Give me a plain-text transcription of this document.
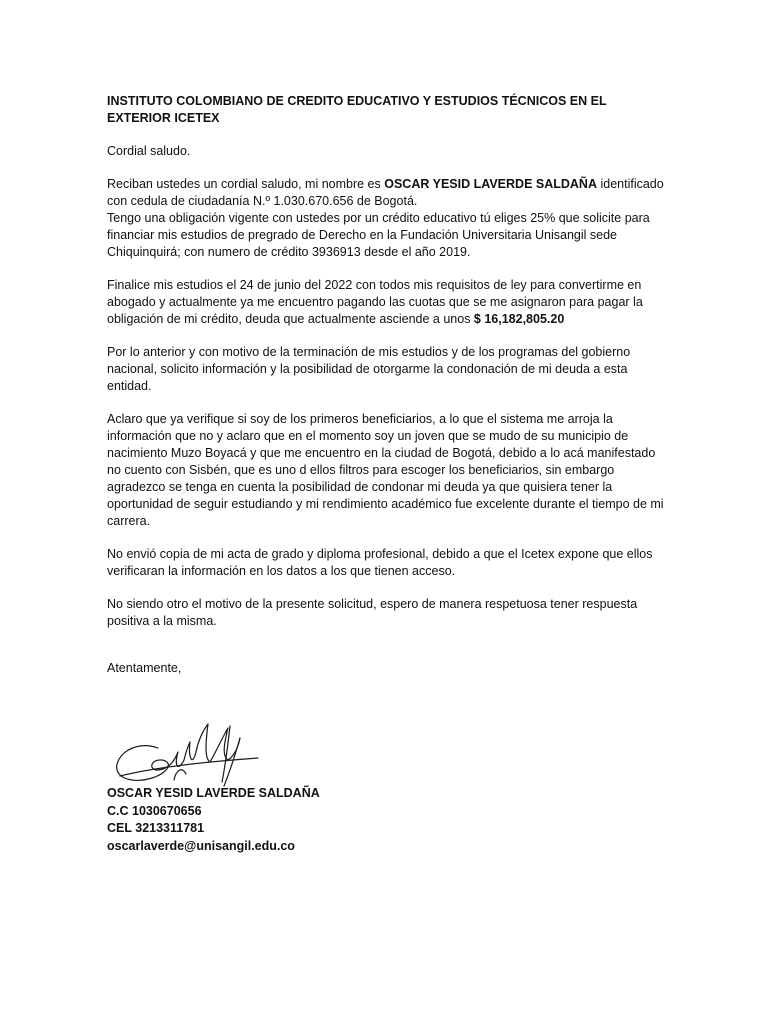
INSTITUTO COLOMBIANO DE CREDITO EDUCATIVO Y ESTUDIOS TÉCNICOS EN EL EXTERIOR ICETEX

Cordial saludo.

Reciban ustedes un cordial saludo, mi nombre es OSCAR YESID LAVERDE SALDAÑA identificado con cedula de ciudadanía N.º 1.030.670.656 de Bogotá.
Tengo una obligación vigente con ustedes por un crédito educativo tú eliges 25% que solicite para financiar mis estudios de pregrado de Derecho en la Fundación Universitaria Unisangil sede Chiquinquirá; con numero de crédito 3936913 desde el año 2019.

Finalice mis estudios el 24 de junio del 2022 con todos mis requisitos de ley para convertirme en abogado y actualmente ya me encuentro pagando las cuotas que se me asignaron para pagar la obligación de mi crédito, deuda que actualmente asciende a unos $ 16,182,805.20

Por lo anterior y con motivo de la terminación de mis estudios y de los programas del gobierno nacional, solicito información y la posibilidad de otorgarme la condonación de mi deuda a esta entidad.

Aclaro que ya verifique si soy de los primeros beneficiarios, a lo que el sistema me arroja la información que no y aclaro que en el momento soy un joven que se mudo de su municipio de nacimiento Muzo Boyacá y que me encuentro en la ciudad de Bogotá, debido a lo acá manifestado no cuento con Sisbén, que es uno d ellos filtros para escoger los beneficiarios, sin embargo agradezco se tenga en cuenta la posibilidad de condonar mi deuda ya que quisiera tener la oportunidad de seguir estudiando y mi rendimiento académico fue excelente durante el tiempo de mi carrera.

No envió copia de mi acta de grado y diploma profesional, debido a que el Icetex expone que ellos verificaran la información en los datos a los que tienen acceso.

No siendo otro el motivo de la presente solicitud, espero de manera respetuosa tener respuesta positiva a la misma.

Atentamente,

OSCAR YESID LAVERDE SALDAÑA
C.C 1030670656
CEL 3213311781
oscarlaverde@unisangil.edu.co
